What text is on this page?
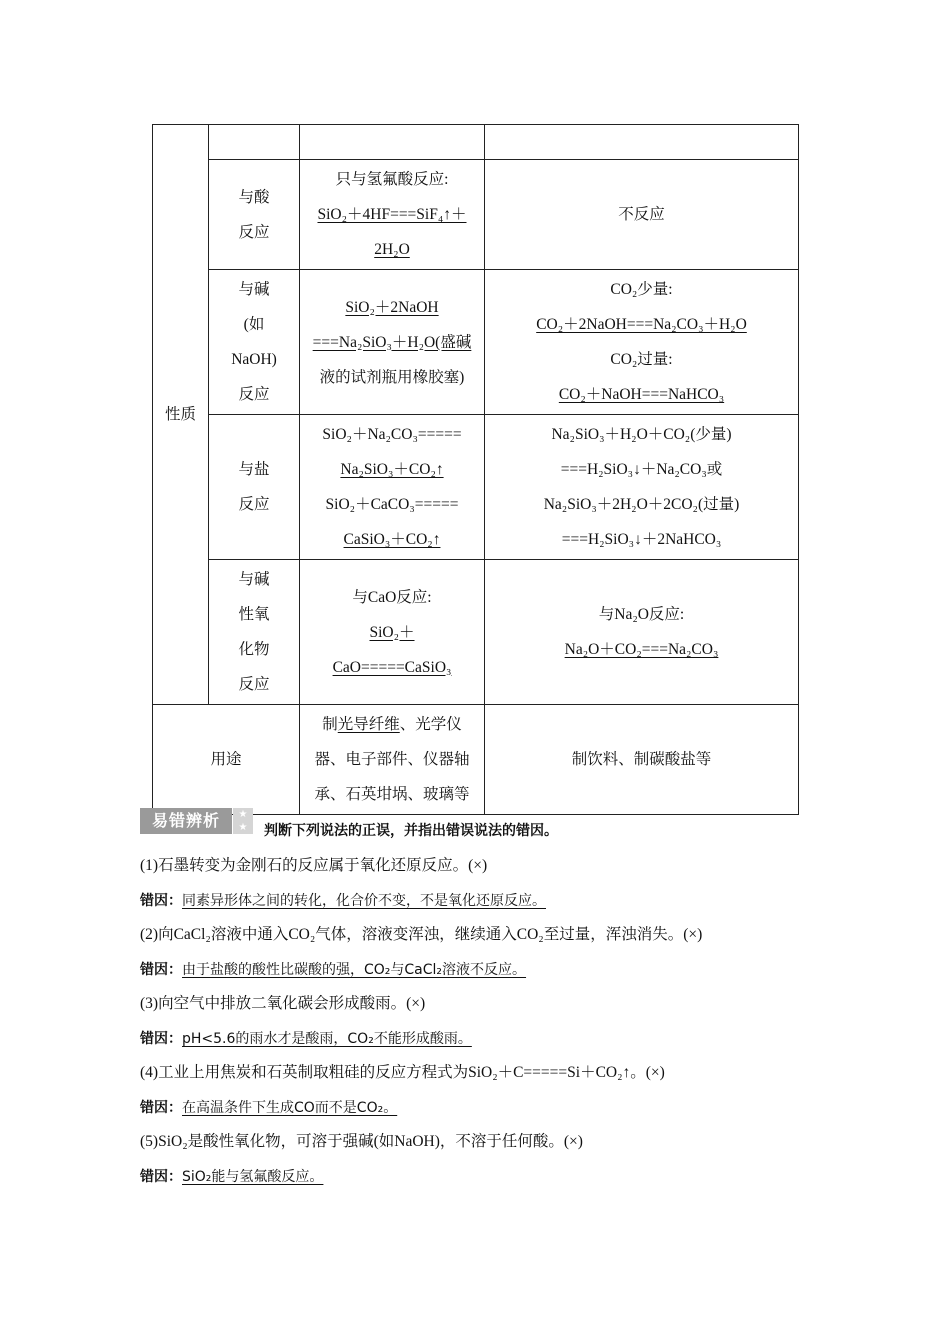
性质			

	与酸
反应	只与氢氟酸反应:
SiO₂＋4HF===SiF₄↑＋
2H₂O	不反应

	与碱
(如
NaOH)
反应	SiO₂＋2NaOH
===Na₂SiO₃＋H₂O(盛碱
液的试剂瓶用橡胶塞)	CO₂少量:
CO₂＋2NaOH===Na₂CO₃＋H₂O
CO₂过量:
CO₂＋NaOH===NaHCO₃

	与盐
反应	SiO₂＋Na₂CO₃=====
Na₂SiO₃＋CO₂↑
SiO₂＋CaCO₃=====
CaSiO₃＋CO₂↑	Na₂SiO₃＋H₂O＋CO₂(少量)
===H₂SiO₃↓＋Na₂CO₃或
Na₂SiO₃＋2H₂O＋2CO₂(过量)
===H₂SiO₃↓＋2NaHCO₃

	与碱
性氧
化物
反应	与CaO反应:
SiO₂＋
CaO=====CaSiO₃	与Na₂O反应:
Na₂O＋CO₂===Na₂CO₃

用途		制光导纤维、光学仪
器、电子部件、仪器轴
承、石英坩埚、玻璃等	制饮料、制碳酸盐等
易错辨析	★ ★	判断下列说法的正误，并指出错误说法的错因。
(1)石墨转变为金刚石的反应属于氧化还原反应。(×)
错因：同素异形体之间的转化，化合价不变，不是氧化还原反应。
(2)向CaCl₂溶液中通入CO₂气体，溶液变浑浊，继续通入CO₂至过量，浑浊消失。(×)
错因：由于盐酸的酸性比碳酸的强，CO₂与CaCl₂溶液不反应。
(3)向空气中排放二氧化碳会形成酸雨。(×)
错因：pH<5.6的雨水才是酸雨，CO₂不能形成酸雨。
(4)工业上用焦炭和石英制取粗硅的反应方程式为SiO₂＋C=====Si＋CO₂↑。(×)
错因：在高温条件下生成CO而不是CO₂。
(5)SiO₂是酸性氧化物，可溶于强碱(如NaOH)，不溶于任何酸。(×)
错因：SiO₂能与氢氟酸反应。
